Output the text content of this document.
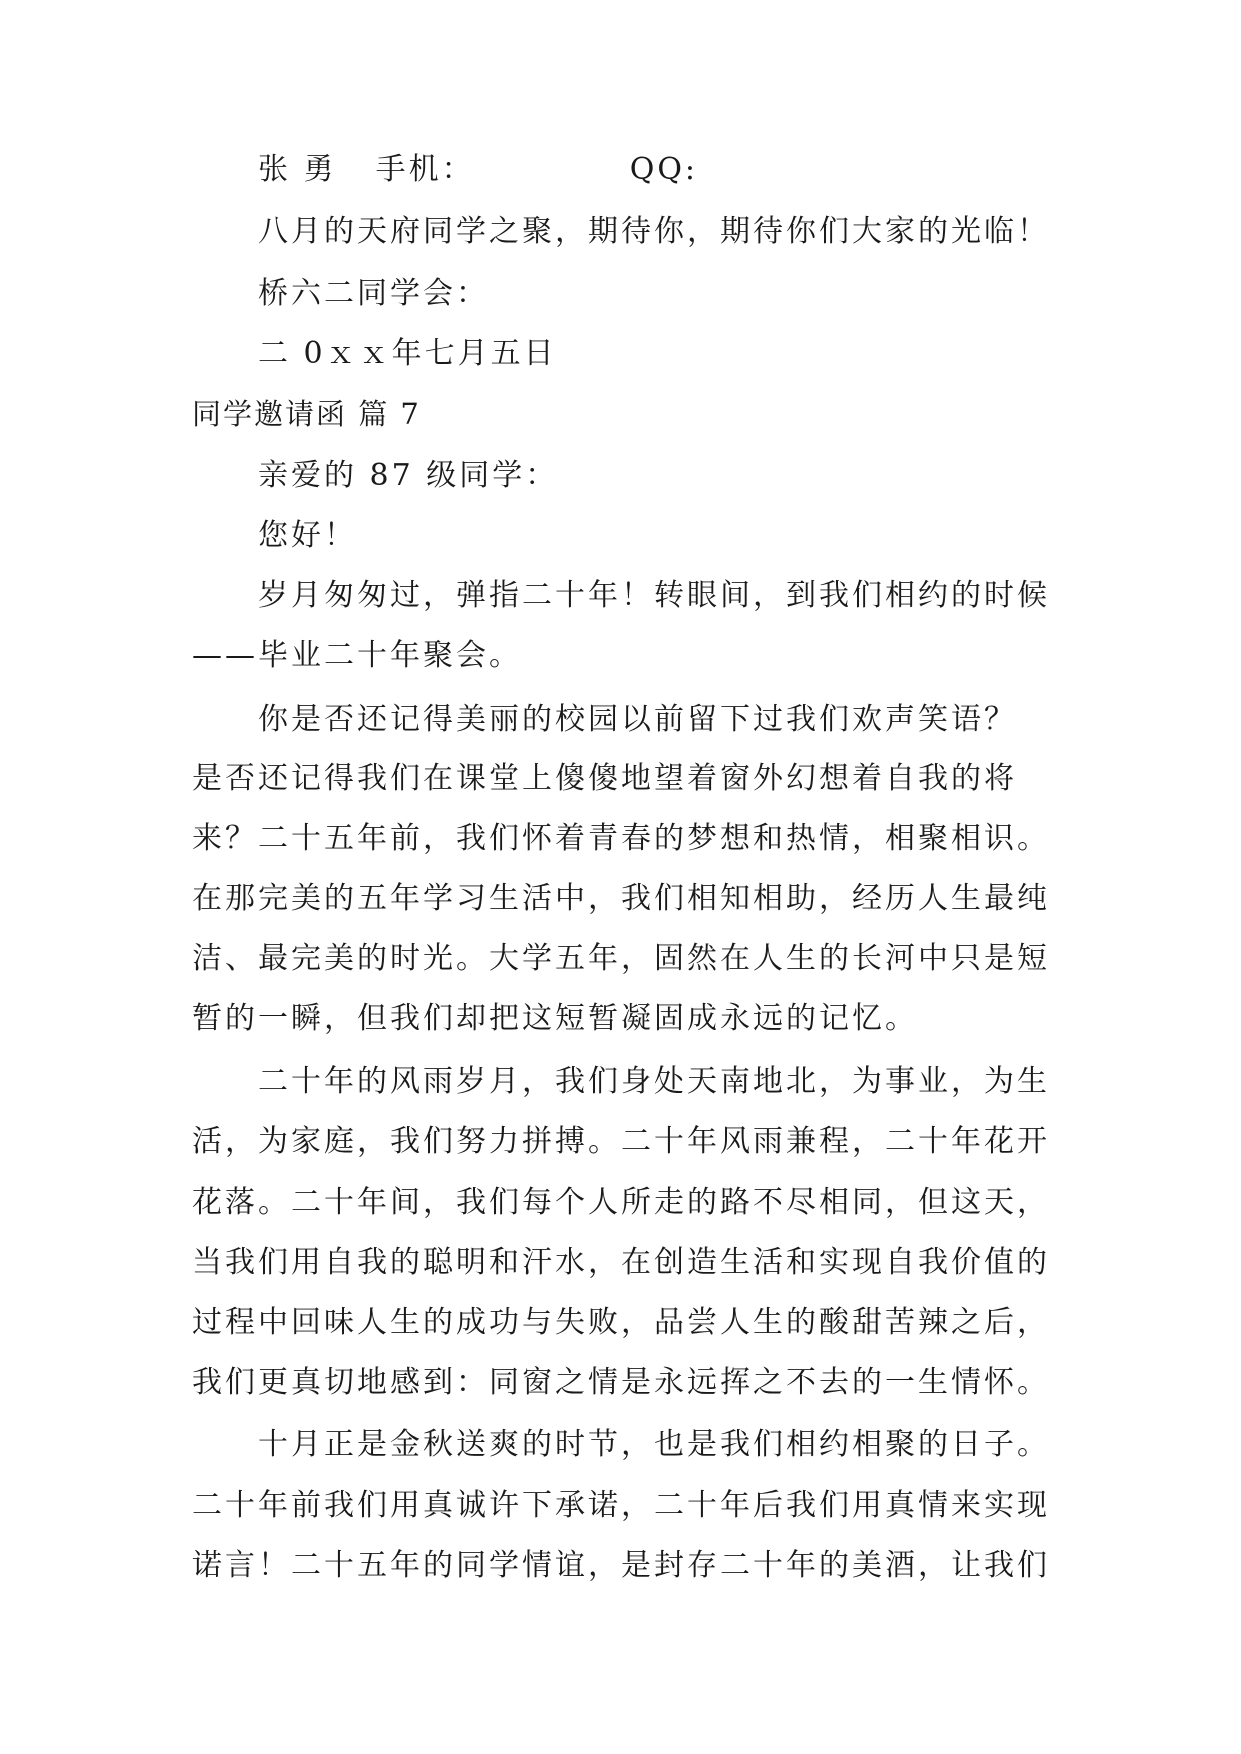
张 勇 手机：	QQ:
八月的天府同学之聚，期待你，期待你们大家的光临！
桥六二同学会：
二 0ｘｘ年七月五日
同学邀请函 篇 7
亲爱的 87 级同学：
您好！
岁月匆匆过，弹指二十年！转眼间，到我们相约的时候
——毕业二十年聚会。
你是否还记得美丽的校园以前留下过我们欢声笑语？
是否还记得我们在课堂上傻傻地望着窗外幻想着自我的将
来？二十五年前，我们怀着青春的梦想和热情，相聚相识。
在那完美的五年学习生活中，我们相知相助，经历人生最纯
洁、最完美的时光。大学五年，固然在人生的长河中只是短
暂的一瞬，但我们却把这短暂凝固成永远的记忆。
二十年的风雨岁月，我们身处天南地北，为事业，为生
活，为家庭，我们努力拼搏。二十年风雨兼程，二十年花开
花落。二十年间，我们每个人所走的路不尽相同，但这天，
当我们用自我的聪明和汗水，在创造生活和实现自我价值的
过程中回味人生的成功与失败，品尝人生的酸甜苦辣之后，
我们更真切地感到：同窗之情是永远挥之不去的一生情怀。
十月正是金秋送爽的时节，也是我们相约相聚的日子。
二十年前我们用真诚许下承诺，二十年后我们用真情来实现
诺言！二十五年的同学情谊，是封存二十年的美酒，让我们
